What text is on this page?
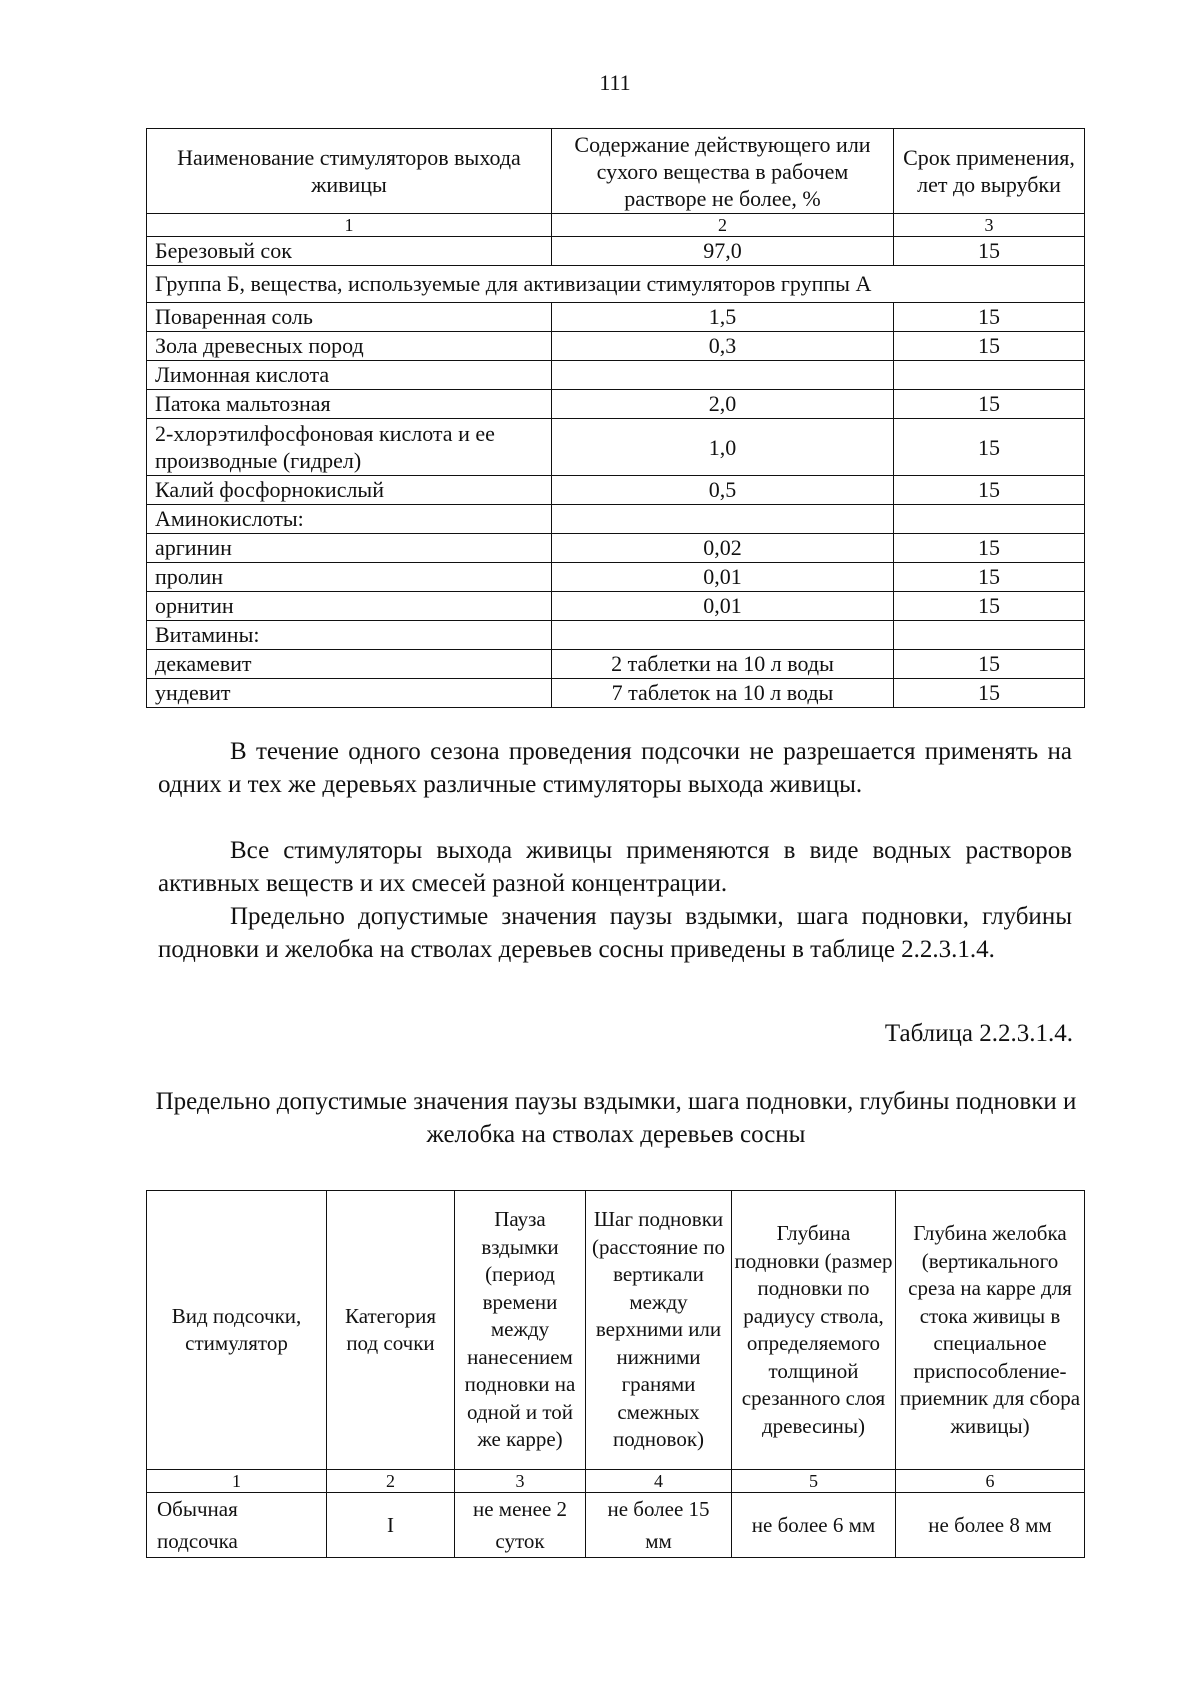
111
Наименование стимуляторов выхода живицы	Содержание действующего или сухого вещества в рабочем растворе не более, %	Срок применения, лет до вырубки
1	2	3
Березовый сок	97,0	15
Группа Б, вещества, используемые для активизации стимуляторов группы А		
Поваренная соль	1,5	15
Зола древесных пород	0,3	15
Лимонная кислота		
Патока мальтозная	2,0	15
2-хлорэтилфосфоновая кислота и ее производные (гидрел)	1,0	15
Калий фосфорнокислый	0,5	15
Аминокислоты:		
аргинин	0,02	15
пролин	0,01	15
орнитин	0,01	15
Витамины:		
декамевит	2 таблетки на 10 л воды	15
ундевит	7 таблеток на 10 л воды	15

В течение одного сезона проведения подсочки не разрешается применять на одних и тех же деревьях различные стимуляторы выхода живицы.

Все стимуляторы выхода живицы применяются в виде водных растворов активных веществ и их смесей разной концентрации.

Предельно допустимые значения паузы вздымки, шага подновки, глубины подновки и желобка на стволах деревьев сосны приведены в таблице 2.2.3.1.4.

Таблица 2.2.3.1.4.
Предельно допустимые значения паузы вздымки, шага подновки, глубины подновки и желобка на стволах деревьев сосны
Вид подсочки, стимулятор	Категория под сочки	Пауза вздымки (период времени между нанесением подновки на одной и той же карре)	Шаг подновки (расстояние по вертикали между верхними или нижними гранями смежных подновок)	Глубина подновки (размер подновки по радиусу ствола, определяемого толщиной срезанного слоя древесины)	Глубина желобка (вертикального среза на карре для стока живицы в специальное приспособление-приемник для сбора живицы)
1	2	3	4	5	6
Обычная подсочка	I	не менее 2 суток	не более 15 мм	не более 6 мм	не более 8 мм
